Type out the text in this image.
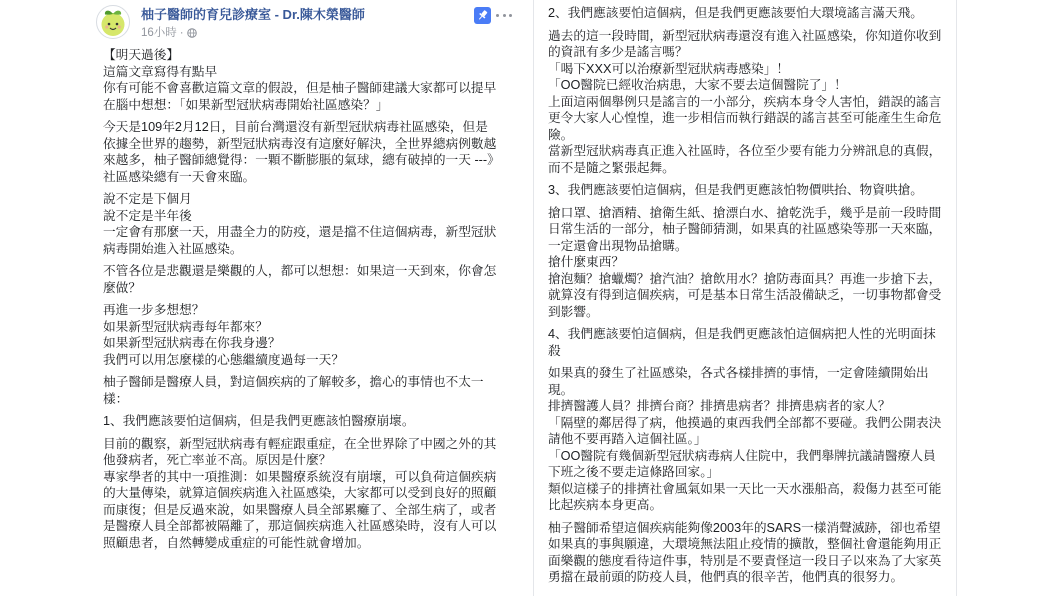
柚子醫師的育兒診療室 - Dr.陳木榮醫師
16小時 ·
【明天過後】
這篇文章寫得有點早
你有可能不會喜歡這篇文章的假設，但是柚子醫師建議大家都可以提早在腦中想想：「如果新型冠狀病毒開始社區感染？」
今天是109年2月12日，目前台灣還沒有新型冠狀病毒社區感染，但是依據全世界的趨勢，新型冠狀病毒沒有這麼好解決，全世界總病例數越來越多，柚子醫師總覺得：一顆不斷膨脹的氣球，總有破掉的一天 ---》社區感染總有一天會來臨。
說不定是下個月
說不定是半年後
一定會有那麼一天，用盡全力的防疫，還是擋不住這個病毒，新型冠狀病毒開始進入社區感染。
不管各位是悲觀還是樂觀的人，都可以想想：如果這一天到來，你會怎麼做？
再進一步多想想？
如果新型冠狀病毒每年都來？
如果新型冠狀病毒在你我身邊？
我們可以用怎麼樣的心態繼續度過每一天？
柚子醫師是醫療人員，對這個疾病的了解較多，擔心的事情也不太一樣：
1、我們應該要怕這個病，但是我們更應該怕醫療崩壞。
目前的觀察，新型冠狀病毒有輕症跟重症，在全世界除了中國之外的其他發病者，死亡率並不高。原因是什麼？
專家學者的其中一項推測：如果醫療系統沒有崩壞，可以負荷這個疾病的大量傳染，就算這個疾病進入社區感染，大家都可以受到良好的照顧而康復；但是反過來說，如果醫療人員全部累癱了、全部生病了，或者是醫療人員全部都被隔離了，那這個疾病進入社區感染時，沒有人可以照顧患者，自然轉變成重症的可能性就會增加。
2、我們應該要怕這個病，但是我們更應該要怕大環境謠言滿天飛。
過去的這一段時間，新型冠狀病毒還沒有進入社區感染，你知道你收到的資訊有多少是謠言嗎？
「喝下XXX可以治療新型冠狀病毒感染」！
「OO醫院已經收治病患，大家不要去這個醫院了」！
上面這兩個舉例只是謠言的一小部分，疾病本身令人害怕，錯誤的謠言更令大家人心惶惶，進一步相信而執行錯誤的謠言甚至可能產生生命危險。
當新型冠狀病毒真正進入社區時，各位至少要有能力分辨訊息的真假，而不是隨之緊張起舞。
3、我們應該要怕這個病，但是我們更應該怕物價哄抬、物資哄搶。
搶口罩、搶酒精、搶衛生紙、搶漂白水、搶乾洗手，幾乎是前一段時間日常生活的一部分，柚子醫師猜測，如果真的社區感染等那一天來臨，一定還會出現物品搶購。
搶什麼東西？
搶泡麵？搶蠟燭？搶汽油？搶飲用水？搶防毒面具？再進一步搶下去，就算沒有得到這個疾病，可是基本日常生活設備缺乏，一切事物都會受到影響。
4、我們應該要怕這個病，但是我們更應該怕這個病把人性的光明面抹殺
如果真的發生了社區感染，各式各樣排擠的事情，一定會陸續開始出現。
排擠醫護人員？排擠台商？排擠患病者？排擠患病者的家人？
「隔壁的鄰居得了病，他摸過的東西我們全部都不要碰。我們公開表決請他不要再踏入這個社區。」
「OO醫院有幾個新型冠狀病毒病人住院中，我們舉牌抗議請醫療人員下班之後不要走這條路回家。」
類似這樣子的排擠社會風氣如果一天比一天水漲船高，殺傷力甚至可能比起疾病本身更高。
柚子醫師希望這個疾病能夠像2003年的SARS一樣消聲滅跡，卻也希望如果真的事與願違，大環境無法阻止疫情的擴散，整個社會還能夠用正面樂觀的態度看待這件事，特別是不要責怪這一段日子以來為了大家英勇擋在最前頭的防疫人員，他們真的很辛苦，他們真的很努力。
